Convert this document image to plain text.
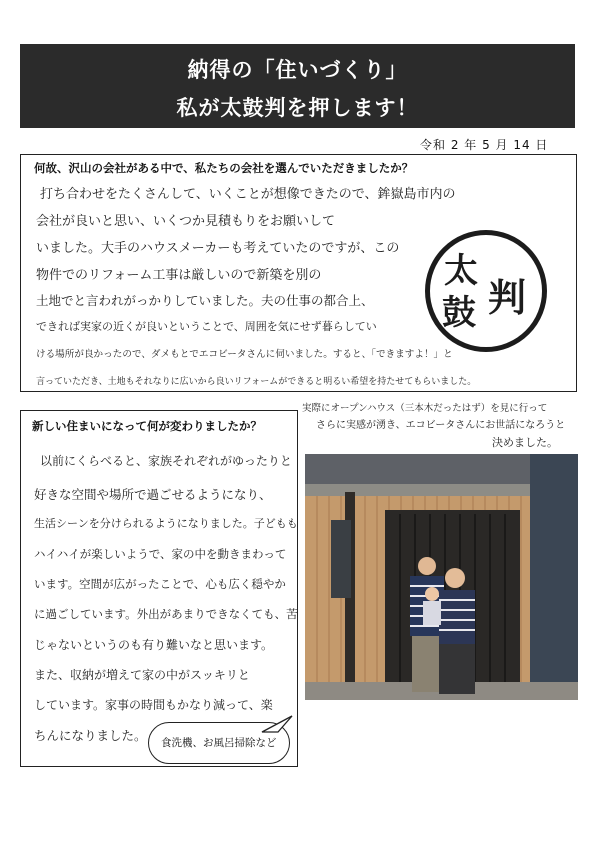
納得の「住いづくり」
私が太鼓判を押します！
令和 2 年 5 月 14 日
何故、沢山の会社がある中で、私たちの会社を選んでいただきましたか？
打ち合わせをたくさんして、いくことが想像できたので、鉾嶽島市内の
会社が良いと思い、いくつか見積もりをお願いして
いました。大手のハウスメーカーも考えていたのですが、この
物件でのリフォーム工事は厳しいので新築を別の
土地でと言われがっかりしていました。夫の仕事の都合上、
できれば実家の近くが良いということで、周囲を気にせず暮らしてい
ける場所が良かったので、ダメもとでエコビータさんに伺いました。すると、「できますよ！」と
言っていただき、土地もそれなりに広いから良いリフォームができると明るい希望を持たせてもらいました。
太
鼓 判
実際にオープンハウス（三本木だったはず）を見に行って
さらに実感が湧き、エコビータさんにお世話になろうと
決めました。
新しい住まいになって何が変わりましたか？
以前にくらべると、家族それぞれがゆったりと
好きな空間や場所で過ごせるようになり、
生活シーンを分けられるようになりました。子どもも
ハイハイが楽しいようで、家の中を動きまわって
います。空間が広がったことで、心も広く穏やか
に過ごしています。外出があまりできなくても、苦
じゃないというのも有り難いなと思います。
また、収納が増えて家の中がスッキリと
しています。家事の時間もかなり減って、楽
ちんになりました。 食洗機、お風呂掃除など
